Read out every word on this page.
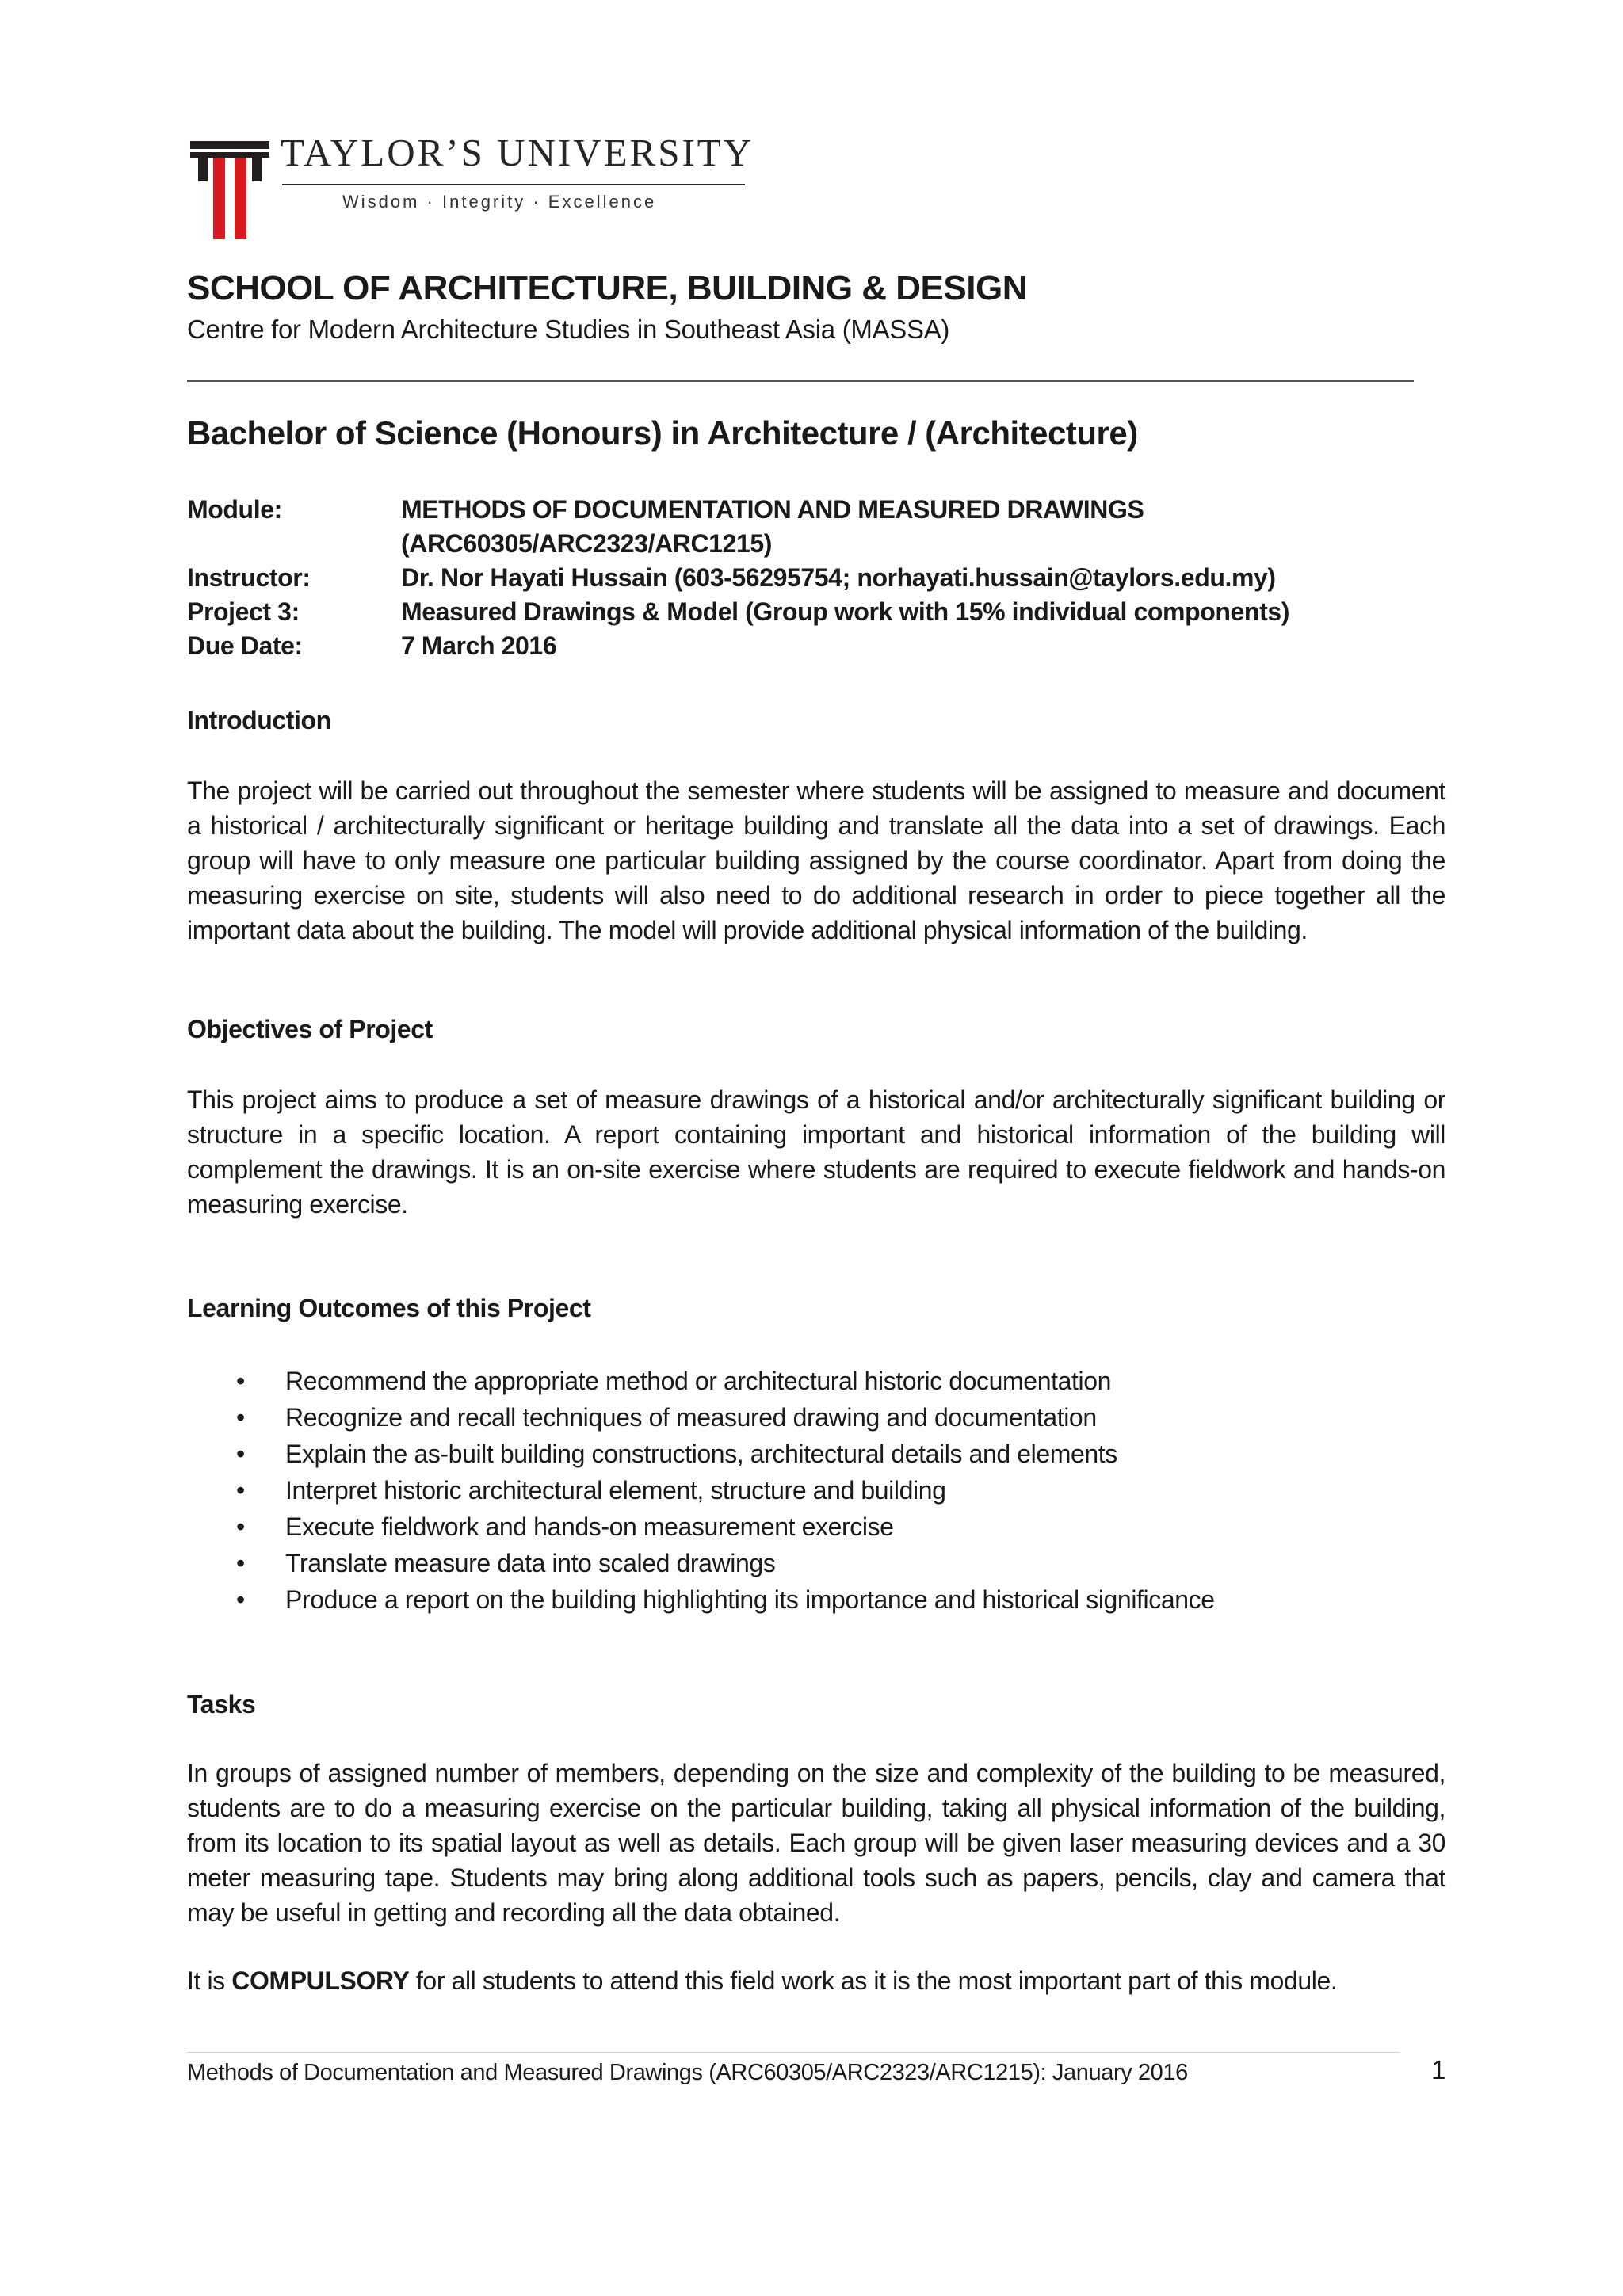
TAYLOR’S UNIVERSITY
Wisdom · Integrity · Excellence
SCHOOL OF ARCHITECTURE, BUILDING & DESIGN
Centre for Modern Architecture Studies in Southeast Asia (MASSA)
Bachelor of Science (Honours) in Architecture / (Architecture)
Module:	METHODS OF DOCUMENTATION AND MEASURED DRAWINGS
(ARC60305/ARC2323/ARC1215)
Instructor:	Dr. Nor Hayati Hussain (603-56295754; norhayati.hussain@taylors.edu.my)
Project 3:	Measured Drawings & Model (Group work with 15% individual components)
Due Date:	7 March 2016
Introduction
The project will be carried out throughout the semester where students will be assigned to measure and document a historical / architecturally significant or heritage building and translate all the data into a set of drawings. Each group will have to only measure one particular building assigned by the course coordinator. Apart from doing the measuring exercise on site, students will also need to do additional research in order to piece together all the important data about the building. The model will provide additional physical information of the building.
Objectives of Project
This project aims to produce a set of measure drawings of a historical and/or architecturally significant building or structure in a specific location. A report containing important and historical information of the building will complement the drawings. It is an on-site exercise where students are required to execute fieldwork and hands-on measuring exercise.
Learning Outcomes of this Project
• Recommend the appropriate method or architectural historic documentation
• Recognize and recall techniques of measured drawing and documentation
• Explain the as-built building constructions, architectural details and elements
• Interpret historic architectural element, structure and building
• Execute fieldwork and hands-on measurement exercise
• Translate measure data into scaled drawings
• Produce a report on the building highlighting its importance and historical significance
Tasks
In groups of assigned number of members, depending on the size and complexity of the building to be measured, students are to do a measuring exercise on the particular building, taking all physical information of the building, from its location to its spatial layout as well as details. Each group will be given laser measuring devices and a 30 meter measuring tape. Students may bring along additional tools such as papers, pencils, clay and camera that may be useful in getting and recording all the data obtained.
It is COMPULSORY for all students to attend this field work as it is the most important part of this module.
Methods of Documentation and Measured Drawings (ARC60305/ARC2323/ARC1215): January 2016	1
